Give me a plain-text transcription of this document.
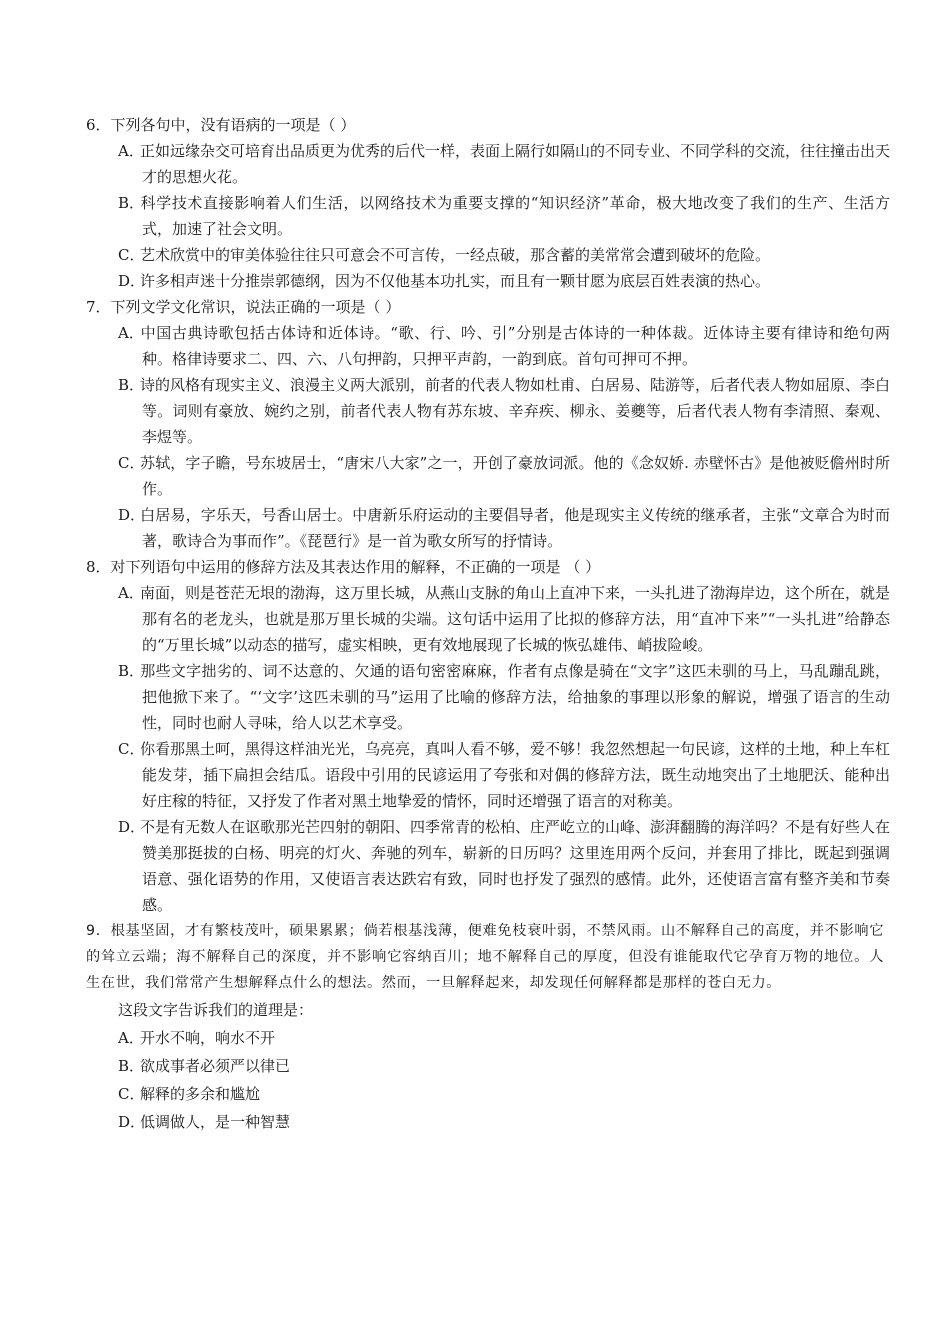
6．下列各句中，没有语病的一项是（ ）

A．正如远缘杂交可培育出品质更为优秀的后代一样，表面上隔行如隔山的不同专业、不同学科的交流，往往撞击出天才的思想火花。

B．科学技术直接影响着人们生活，以网络技术为重要支撑的“知识经济”革命，极大地改变了我们的生产、生活方式，加速了社会文明。

C．艺术欣赏中的审美体验往往只可意会不可言传，一经点破，那含蓄的美常常会遭到破坏的危险。

D．许多相声迷十分推崇郭德纲，因为不仅他基本功扎实，而且有一颗甘愿为底层百姓表演的热心。

7．下列文学文化常识，说法正确的一项是（ ）

A．中国古典诗歌包括古体诗和近体诗。“歌、行、吟、引”分别是古体诗的一种体裁。近体诗主要有律诗和绝句两种。格律诗要求二、四、六、八句押韵，只押平声韵，一韵到底。首句可押可不押。

B．诗的风格有现实主义、浪漫主义两大派别，前者的代表人物如杜甫、白居易、陆游等，后者代表人物如屈原、李白等。词则有豪放、婉约之别，前者代表人物有苏东坡、辛弃疾、柳永、姜夔等，后者代表人物有李清照、秦观、李煜等。

C．苏轼，字子瞻，号东坡居士，“唐宋八大家”之一，开创了豪放词派。他的《念奴娇. 赤壁怀古》是他被贬儋州时所作。

D．白居易，字乐天，号香山居士。中唐新乐府运动的主要倡导者，他是现实主义传统的继承者，主张“文章合为时而著，歌诗合为事而作”。《琵琶行》是一首为歌女所写的抒情诗。

8．对下列语句中运用的修辞方法及其表达作用的解释，不正确的一项是 （ ）

A．南面，则是苍茫无垠的渤海，这万里长城，从燕山支脉的角山上直冲下来，一头扎进了渤海岸边，这个所在，就是那有名的老龙头，也就是那万里长城的尖端。这句话中运用了比拟的修辞方法，用“直冲下来”“一头扎进”给静态的“万里长城”以动态的描写，虚实相映，更有效地展现了长城的恢弘雄伟、峭拔险峻。

B．那些文字拙劣的、词不达意的、欠通的语句密密麻麻，作者有点像是骑在“文字”这匹未驯的马上，马乱蹦乱跳，把他掀下来了。“‘文字’这匹未驯的马”运用了比喻的修辞方法，给抽象的事理以形象的解说，增强了语言的生动性，同时也耐人寻味，给人以艺术享受。

C．你看那黑土呵，黑得这样油光光，乌亮亮，真叫人看不够，爱不够！我忽然想起一句民谚，这样的土地，种上车杠能发芽，插下扁担会结瓜。语段中引用的民谚运用了夸张和对偶的修辞方法，既生动地突出了土地肥沃、能种出好庄稼的特征，又抒发了作者对黑土地挚爱的情怀，同时还增强了语言的对称美。

D．不是有无数人在讴歌那光芒四射的朝阳、四季常青的松柏、庄严屹立的山峰、澎湃翻腾的海洋吗？不是有好些人在赞美那挺拔的白杨、明亮的灯火、奔驰的列车，崭新的日历吗？这里连用两个反问，并套用了排比，既起到强调语意、强化语势的作用，又使语言表达跌宕有致，同时也抒发了强烈的感情。此外，还使语言富有整齐美和节奏感。

9．根基坚固，才有繁枝茂叶，硕果累累；倘若根基浅薄，便难免枝衰叶弱，不禁风雨。山不解释自己的高度，并不影响它的耸立云端；海不解释自己的深度，并不影响它容纳百川；地不解释自己的厚度，但没有谁能取代它孕育万物的地位。人生在世，我们常常产生想解释点什么的想法。然而，一旦解释起来，却发现任何解释都是那样的苍白无力。

这段文字告诉我们的道理是：

A．开水不响，响水不开

B．欲成事者必须严以律已

C．解释的多余和尴尬

D．低调做人，是一种智慧
